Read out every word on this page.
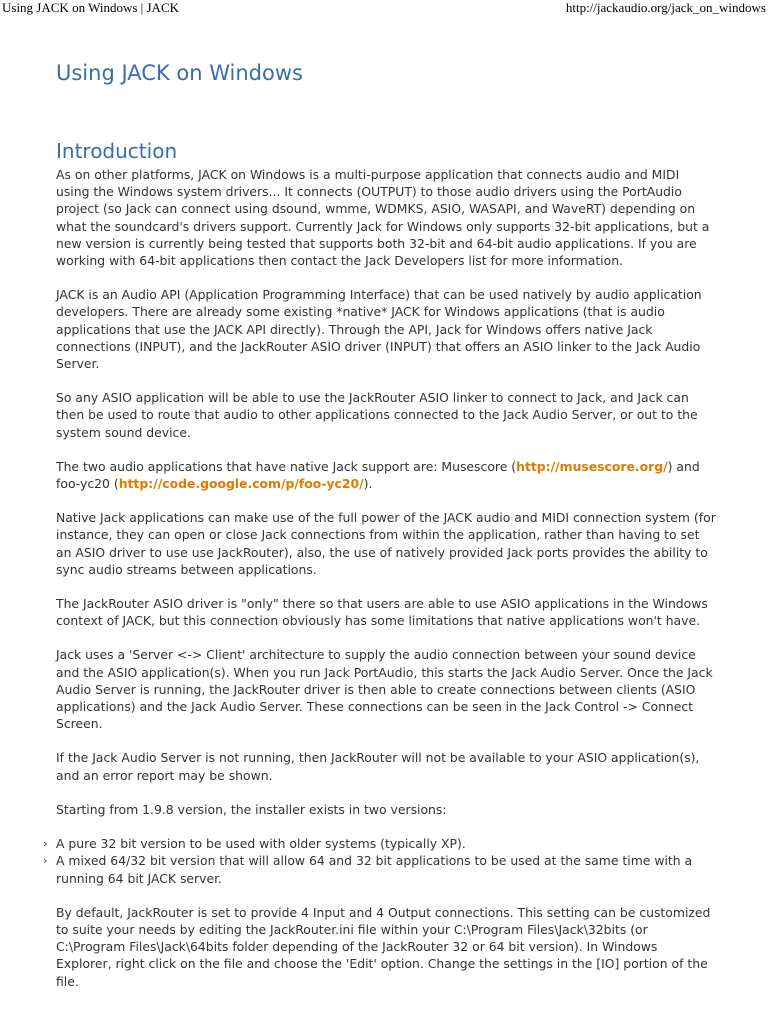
Using JACK on Windows | JACK	http://jackaudio.org/jack_on_windows
Using JACK on Windows
Introduction

As on other platforms, JACK on Windows is a multi-purpose application that connects audio and MIDI using the Windows system drivers... It connects (OUTPUT) to those audio drivers using the PortAudio project (so Jack can connect using dsound, wmme, WDMKS, ASIO, WASAPI, and WaveRT) depending on what the soundcard's drivers support. Currently Jack for Windows only supports 32-bit applications, but a new version is currently being tested that supports both 32-bit and 64-bit audio applications. If you are working with 64-bit applications then contact the Jack Developers list for more information.

JACK is an Audio API (Application Programming Interface) that can be used natively by audio application developers. There are already some existing *native* JACK for Windows applications (that is audio applications that use the JACK API directly). Through the API, Jack for Windows offers native Jack connections (INPUT), and the JackRouter ASIO driver (INPUT) that offers an ASIO linker to the Jack Audio Server.

So any ASIO application will be able to use the JackRouter ASIO linker to connect to Jack, and Jack can then be used to route that audio to other applications connected to the Jack Audio Server, or out to the system sound device.

The two audio applications that have native Jack support are: Musescore (http://musescore.org/) and foo-yc20 (http://code.google.com/p/foo-yc20/).

Native Jack applications can make use of the full power of the JACK audio and MIDI connection system (for instance, they can open or close Jack connections from within the application, rather than having to set an ASIO driver to use use JackRouter), also, the use of natively provided Jack ports provides the ability to sync audio streams between applications.

The JackRouter ASIO driver is "only" there so that users are able to use ASIO applications in the Windows context of JACK, but this connection obviously has some limitations that native applications won't have.

Jack uses a 'Server <-> Client' architecture to supply the audio connection between your sound device and the ASIO application(s). When you run Jack PortAudio, this starts the Jack Audio Server. Once the Jack Audio Server is running, the JackRouter driver is then able to create connections between clients (ASIO applications) and the Jack Audio Server. These connections can be seen in the Jack Control -> Connect Screen.

If the Jack Audio Server is not running, then JackRouter will not be available to your ASIO application(s), and an error report may be shown.

Starting from 1.9.8 version, the installer exists in two versions:

› A pure 32 bit version to be used with older systems (typically XP).
› A mixed 64/32 bit version that will allow 64 and 32 bit applications to be used at the same time with a running 64 bit JACK server.

By default, JackRouter is set to provide 4 Input and 4 Output connections. This setting can be customized to suite your needs by editing the JackRouter.ini file within your C:\Program Files\Jack\32bits (or C:\Program Files\Jack\64bits folder depending of the JackRouter 32 or 64 bit version). In Windows Explorer, right click on the file and choose the 'Edit' option. Change the settings in the [IO] portion of the file.
